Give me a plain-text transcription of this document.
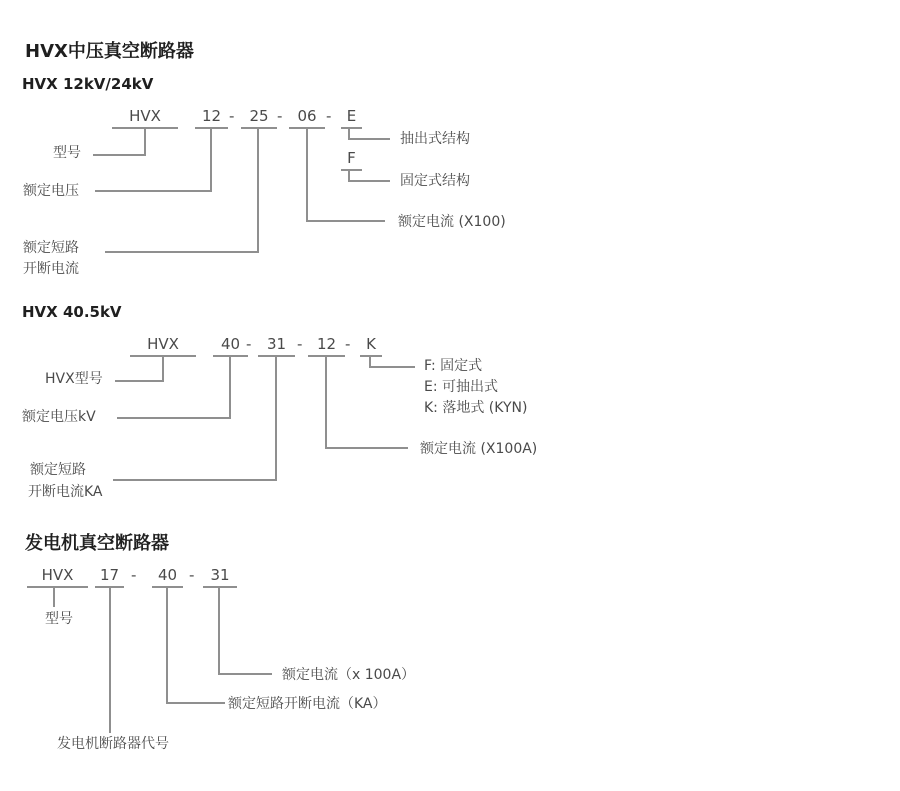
HVX中压真空断路器
HVX 12kV/24kV
HVX	12 -	25 -	06 -	E
型号
额定电压
额定短路
开断电流
额定电流 (X100)
抽出式结构
F
固定式结构
HVX 40.5kV
HVX	40 -	31 - 12 -	K
HVX型号
额定电压kV
额定短路
开断电流KA
额定电流 (X100A)
F: 固定式
E: 可抽出式
K: 落地式 (KYN)
发电机真空断路器
HVX	17 -	40 -	31
型号
发电机断路器代号
额定短路开断电流（KA）
额定电流（x 100A）
